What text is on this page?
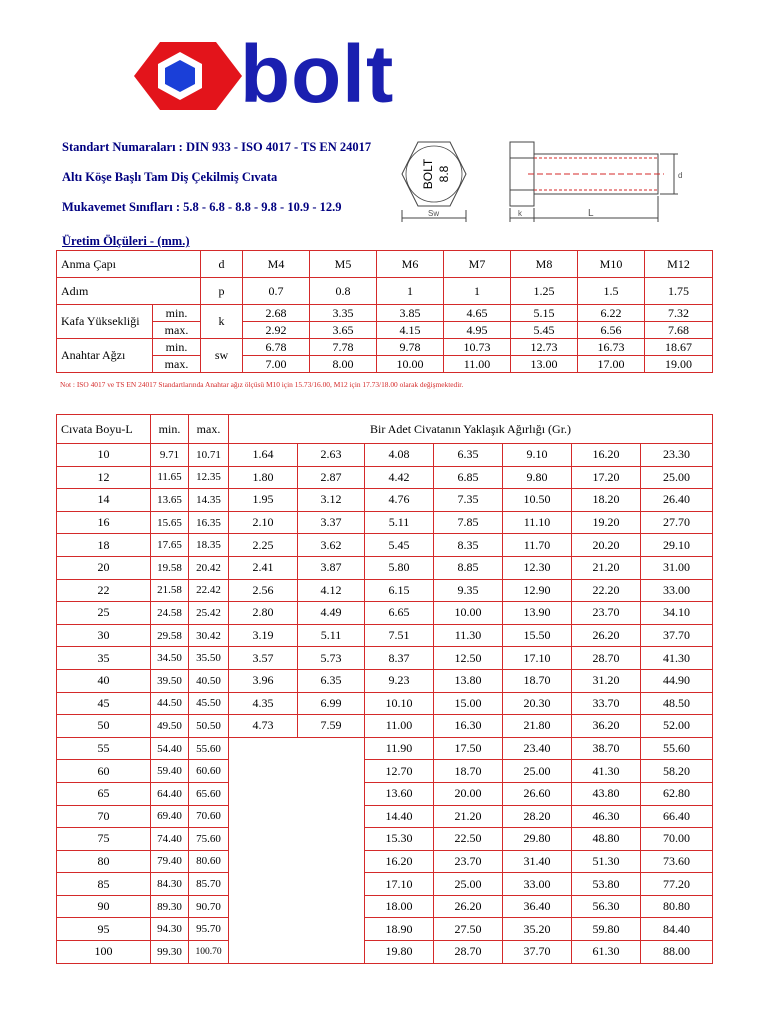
bolt
Standart Numaraları : DIN 933 - ISO 4017 - TS EN 24017
Altı Köşe Başlı Tam Diş Çekilmiş Cıvata
Mukavemet Sınıfları : 5.8 - 6.8 - 8.8 - 9.8 - 10.9 - 12.9
BOLT 8.8
Sw	k	L
d
Üretim Ölçüleri - (mm.)
Anma Çapı		d	M4	M5	M6	M7	M8	M10	M12
Adım		p	0.7	0.8	1	1	1.25	1.5	1.75
Kafa Yüksekliği	min.	k	2.68	3.35	3.85	4.65	5.15	6.22	7.32
	max.		2.92	3.65	4.15	4.95	5.45	6.56	7.68
Anahtar Ağzı	min.	sw	6.78	7.78	9.78	10.73	12.73	16.73	18.67
	max.		7.00	8.00	10.00	11.00	13.00	17.00	19.00
Not : ISO 4017 ve TS EN 24017 Standartlarında Anahtar ağız ölçüsü M10 için 15.73/16.00, M12 için 17.73/18.00 olarak değişmektedir.
Cıvata Boyu-L	min.	max.	Bir Adet Civatanın Yaklaşık Ağırlığı (Gr.)						
10	9.71	10.71	1.64	2.63	4.08	6.35	9.10	16.20	23.30
12	11.65	12.35	1.80	2.87	4.42	6.85	9.80	17.20	25.00
14	13.65	14.35	1.95	3.12	4.76	7.35	10.50	18.20	26.40
16	15.65	16.35	2.10	3.37	5.11	7.85	11.10	19.20	27.70
18	17.65	18.35	2.25	3.62	5.45	8.35	11.70	20.20	29.10
20	19.58	20.42	2.41	3.87	5.80	8.85	12.30	21.20	31.00
22	21.58	22.42	2.56	4.12	6.15	9.35	12.90	22.20	33.00
25	24.58	25.42	2.80	4.49	6.65	10.00	13.90	23.70	34.10
30	29.58	30.42	3.19	5.11	7.51	11.30	15.50	26.20	37.70
35	34.50	35.50	3.57	5.73	8.37	12.50	17.10	28.70	41.30
40	39.50	40.50	3.96	6.35	9.23	13.80	18.70	31.20	44.90
45	44.50	45.50	4.35	6.99	10.10	15.00	20.30	33.70	48.50
50	49.50	50.50	4.73	7.59	11.00	16.30	21.80	36.20	52.00
55	54.40	55.60			11.90	17.50	23.40	38.70	55.60
60	59.40	60.60			12.70	18.70	25.00	41.30	58.20
65	64.40	65.60			13.60	20.00	26.60	43.80	62.80
70	69.40	70.60			14.40	21.20	28.20	46.30	66.40
75	74.40	75.60			15.30	22.50	29.80	48.80	70.00
80	79.40	80.60			16.20	23.70	31.40	51.30	73.60
85	84.30	85.70			17.10	25.00	33.00	53.80	77.20
90	89.30	90.70			18.00	26.20	36.40	56.30	80.80
95	94.30	95.70			18.90	27.50	35.20	59.80	84.40
100	99.30	100.70			19.80	28.70	37.70	61.30	88.00
